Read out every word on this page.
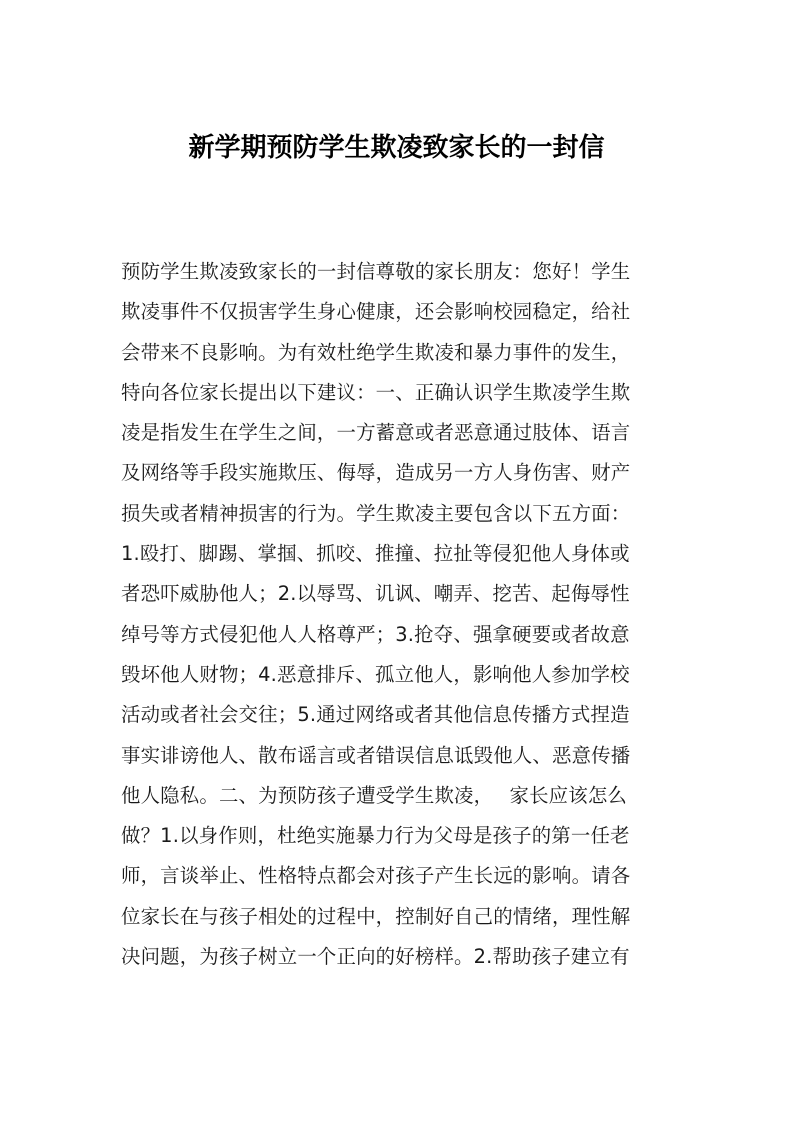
新学期预防学生欺凌致家长的一封信
预防学生欺凌致家长的一封信尊敬的家长朋友：您好！学生
欺凌事件不仅损害学生身心健康，还会影响校园稳定，给社
会带来不良影响。为有效杜绝学生欺凌和暴力事件的发生，
特向各位家长提出以下建议：一、正确认识学生欺凌学生欺
凌是指发生在学生之间，一方蓄意或者恶意通过肢体、语言
及网络等手段实施欺压、侮辱，造成另一方人身伤害、财产
损失或者精神损害的行为。学生欺凌主要包含以下五方面：
1.殴打、脚踢、掌掴、抓咬、推撞、拉扯等侵犯他人身体或
者恐吓威胁他人；2.以辱骂、讥讽、嘲弄、挖苦、起侮辱性
绰号等方式侵犯他人人格尊严；3.抢夺、强拿硬要或者故意
毁坏他人财物；4.恶意排斥、孤立他人，影响他人参加学校
活动或者社会交往；5.通过网络或者其他信息传播方式捏造
事实诽谤他人、散布谣言或者错误信息诋毁他人、恶意传播
他人隐私。二、为预防孩子遭受学生欺凌，　 家长应该怎么
做？1.以身作则，杜绝实施暴力行为父母是孩子的第一任老
师，言谈举止、性格特点都会对孩子产生长远的影响。请各
位家长在与孩子相处的过程中，控制好自己的情绪，理性解
决问题，为孩子树立一个正向的好榜样。2.帮助孩子建立有
